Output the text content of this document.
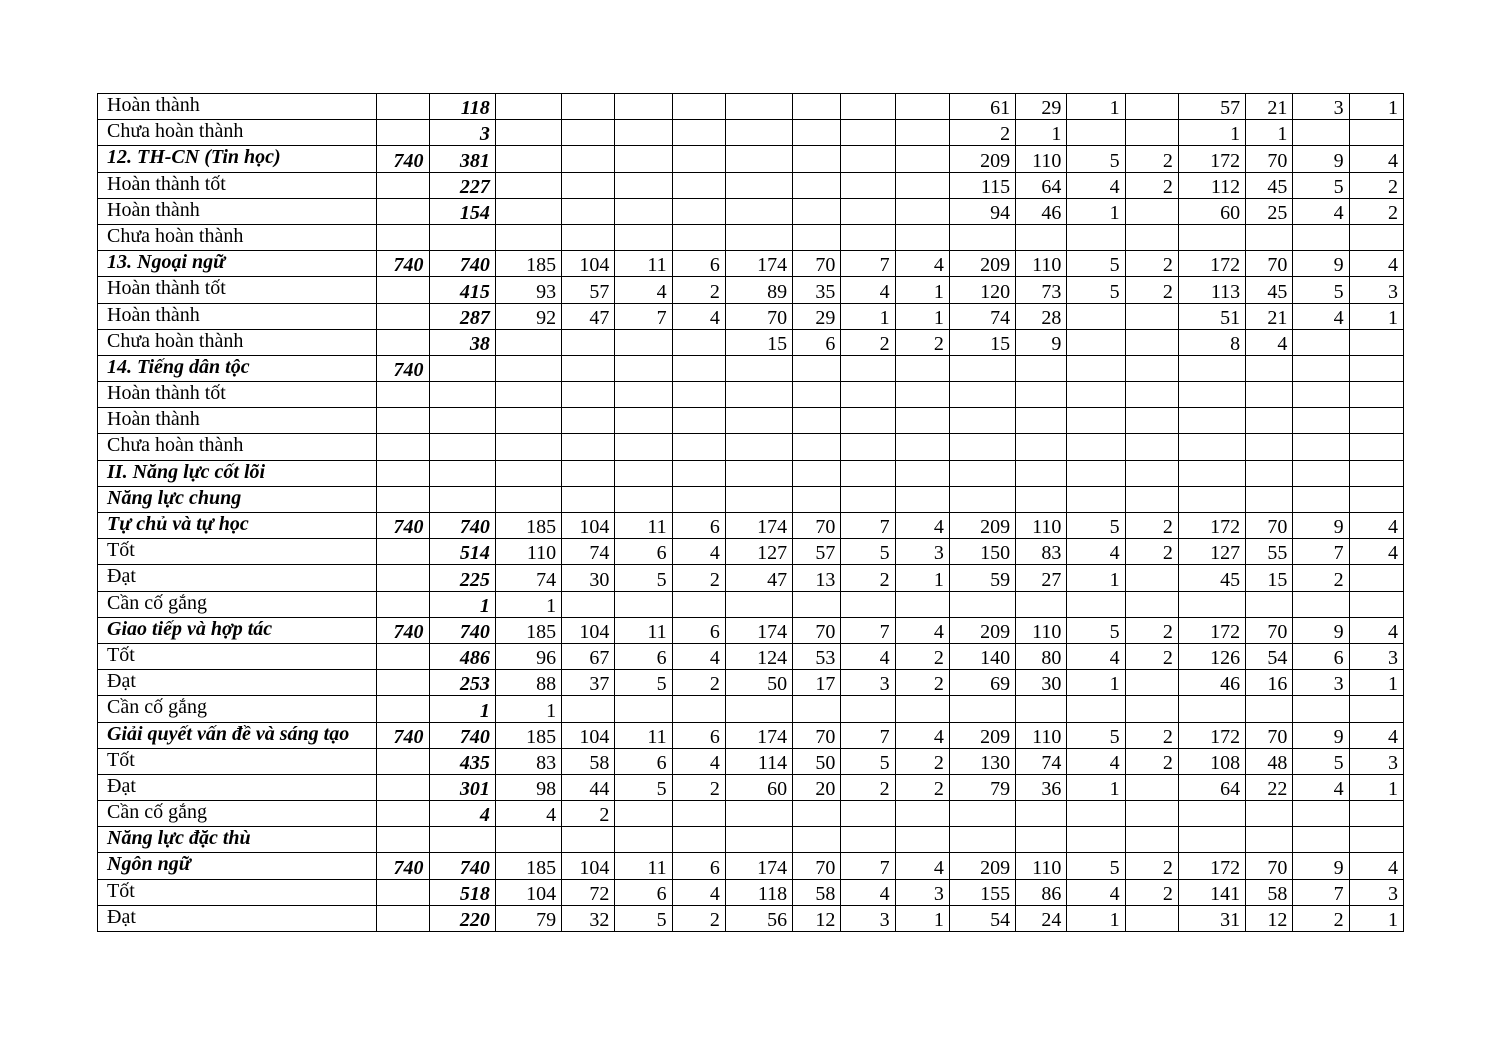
Hoàn thành		118									61	29	1		57	21	3	1
Chưa hoàn thành		3									2	1			1	1		
12. TH-CN (Tin học)	740	381									209	110	5	2	172	70	9	4
Hoàn thành tốt		227									115	64	4	2	112	45	5	2
Hoàn thành		154									94	46	1		60	25	4	2
Chưa hoàn thành																		
13. Ngoại ngữ	740	740	185	104	11	6	174	70	7	4	209	110	5	2	172	70	9	4
Hoàn thành tốt		415	93	57	4	2	89	35	4	1	120	73	5	2	113	45	5	3
Hoàn thành		287	92	47	7	4	70	29	1	1	74	28			51	21	4	1
Chưa hoàn thành		38					15	6	2	2	15	9			8	4		
14. Tiếng dân tộc	740																	
Hoàn thành tốt																		
Hoàn thành																		
Chưa hoàn thành																		
II. Năng lực cốt lõi																		
Năng lực chung																		
Tự chủ và tự học	740	740	185	104	11	6	174	70	7	4	209	110	5	2	172	70	9	4
Tốt		514	110	74	6	4	127	57	5	3	150	83	4	2	127	55	7	4
Đạt		225	74	30	5	2	47	13	2	1	59	27	1		45	15	2	
Cần cố gắng		1	1															
Giao tiếp và hợp tác	740	740	185	104	11	6	174	70	7	4	209	110	5	2	172	70	9	4
Tốt		486	96	67	6	4	124	53	4	2	140	80	4	2	126	54	6	3
Đạt		253	88	37	5	2	50	17	3	2	69	30	1		46	16	3	1
Cần cố gắng		1	1															
Giải quyết vấn đề và sáng tạo	740	740	185	104	11	6	174	70	7	4	209	110	5	2	172	70	9	4
Tốt		435	83	58	6	4	114	50	5	2	130	74	4	2	108	48	5	3
Đạt		301	98	44	5	2	60	20	2	2	79	36	1		64	22	4	1
Cần cố gắng		4	4	2														
Năng lực đặc thù																		
Ngôn ngữ	740	740	185	104	11	6	174	70	7	4	209	110	5	2	172	70	9	4
Tốt		518	104	72	6	4	118	58	4	3	155	86	4	2	141	58	7	3
Đạt		220	79	32	5	2	56	12	3	1	54	24	1		31	12	2	1
